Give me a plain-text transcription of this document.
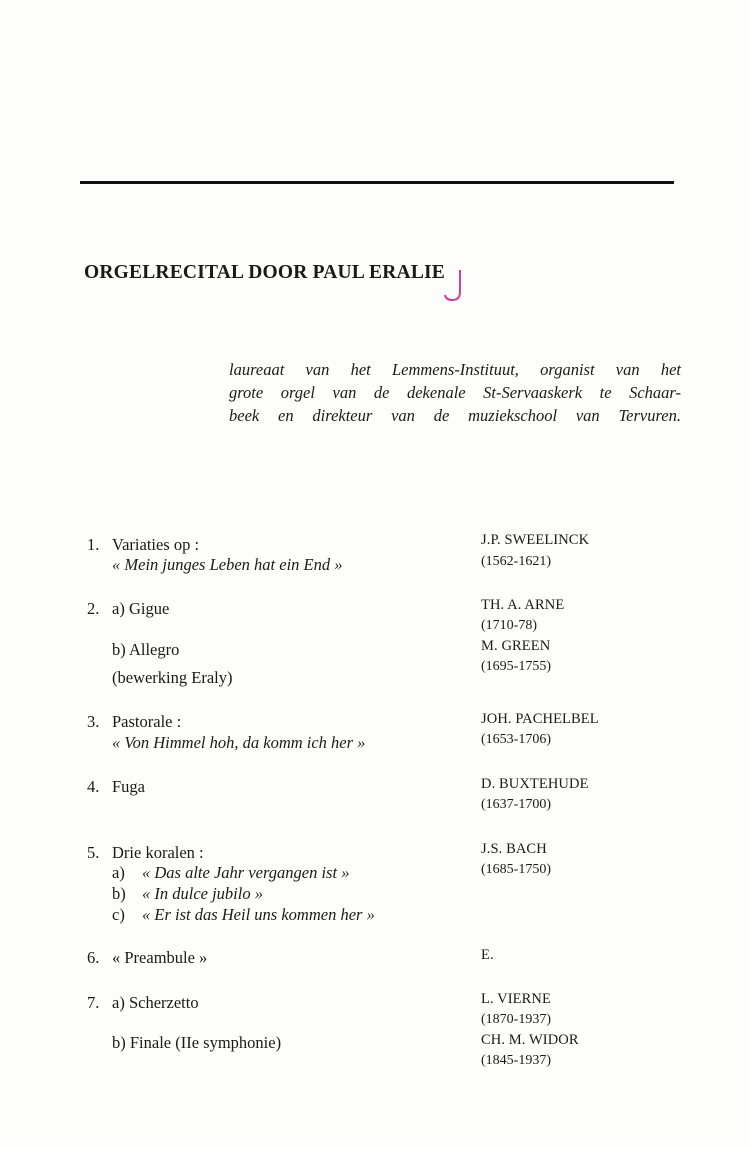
ORGELRECITAL DOOR PAUL ERALIE
laureaat van het Lemmens-Instituut, organist van het
grote orgel van de dekenale St-Servaaskerk te Schaar-
beek en direkteur van de muziekschool van Tervuren.
1. Variaties op :
« Mein junges Leben hat ein End »
2. a) Gigue
b) Allegro
(bewerking Eraly)
3. Pastorale :
« Von Himmel hoh, da komm ich her »
4. Fuga
5. Drie koralen :
a) « Das alte Jahr vergangen ist »
b) « In dulce jubilo »
c) « Er ist das Heil uns kommen her »
6. « Preambule »
7. a) Scherzetto
b) Finale (IIe symphonie)
J.P. SWEELINCK
(1562-1621)
TH. A. ARNE
(1710-78)
M. GREEN
(1695-1755)
JOH. PACHELBEL
(1653-1706)
D. BUXTEHUDE
(1637-1700)
J.S. BACH
(1685-1750)
E.
L. VIERNE
(1870-1937)
CH. M. WIDOR
(1845-1937)
